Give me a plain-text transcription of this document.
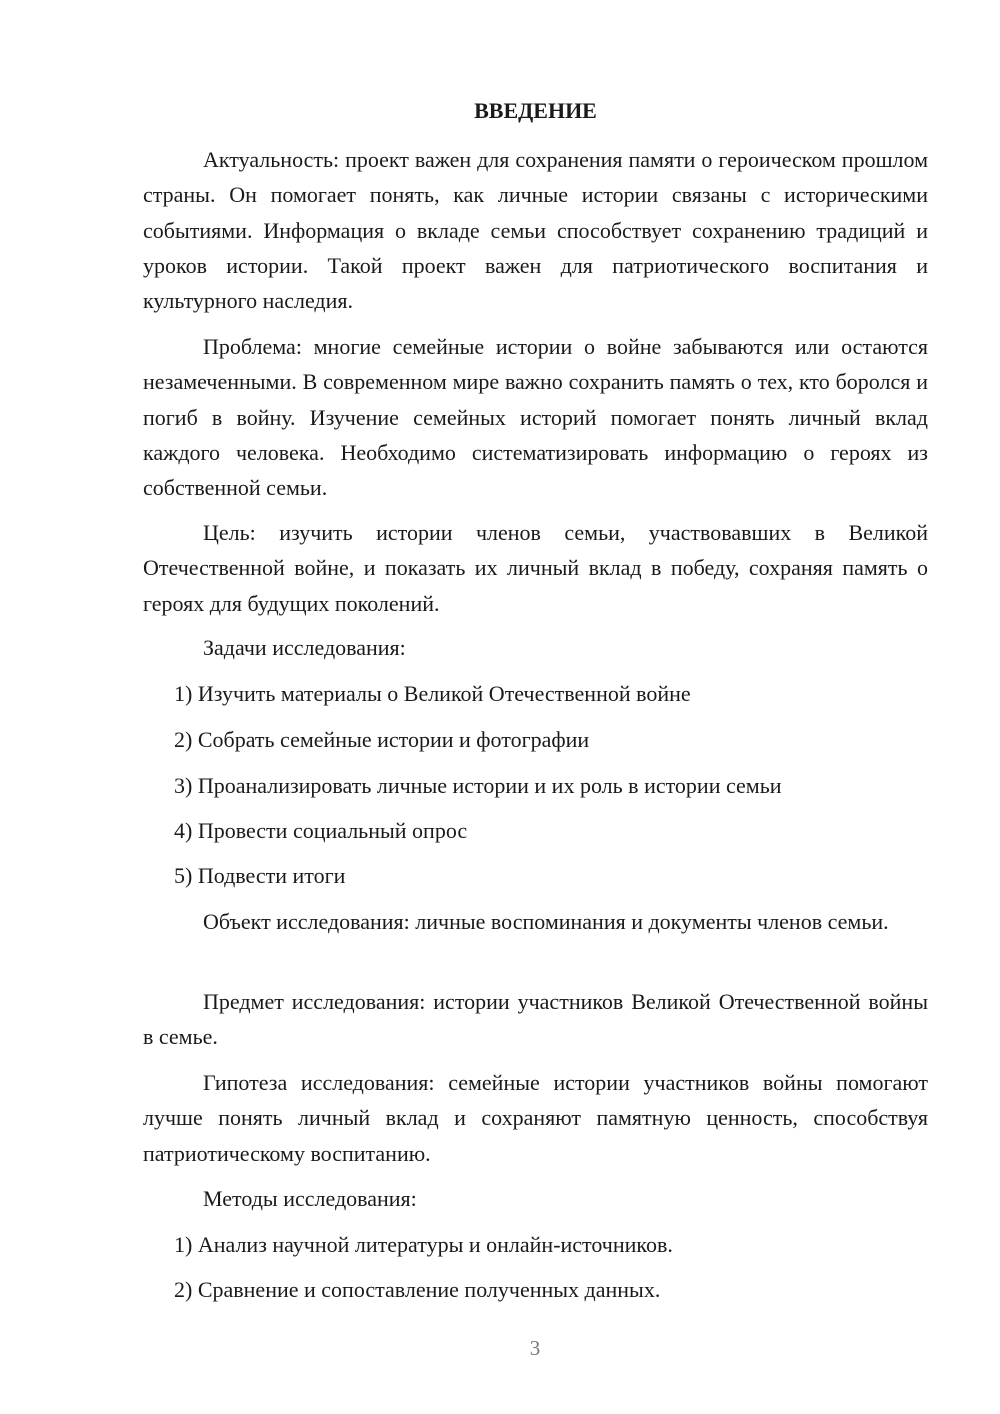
ВВЕДЕНИЕ

Актуальность: проект важен для сохранения памяти о героическом прошлом страны. Он помогает понять, как личные истории связаны с историческими событиями. Информация о вкладе семьи способствует сохранению традиций и уроков истории. Такой проект важен для патриотического воспитания и культурного наследия.

Проблема: многие семейные истории о войне забываются или остаются незамеченными. В современном мире важно сохранить память о тех, кто боролся и погиб в войну. Изучение семейных историй помогает понять личный вклад каждого человека. Необходимо систематизировать информацию о героях из собственной семьи.

Цель: изучить истории членов семьи, участвовавших в Великой Отечественной войне, и показать их личный вклад в победу, сохраняя память о героях для будущих поколений.

Задачи исследования:

1) Изучить материалы о Великой Отечественной войне

2) Собрать семейные истории и фотографии

3) Проанализировать личные истории и их роль в истории семьи

4) Провести социальный опрос

5) Подвести итоги

Объект исследования: личные воспоминания и документы членов семьи.

Предмет исследования: истории участников Великой Отечественной войны в семье.

Гипотеза исследования: семейные истории участников войны помогают лучше понять личный вклад и сохраняют памятную ценность, способствуя патриотическому воспитанию.

Методы исследования:

1) Анализ научной литературы и онлайн-источников.

2) Сравнение и сопоставление полученных данных.

3
